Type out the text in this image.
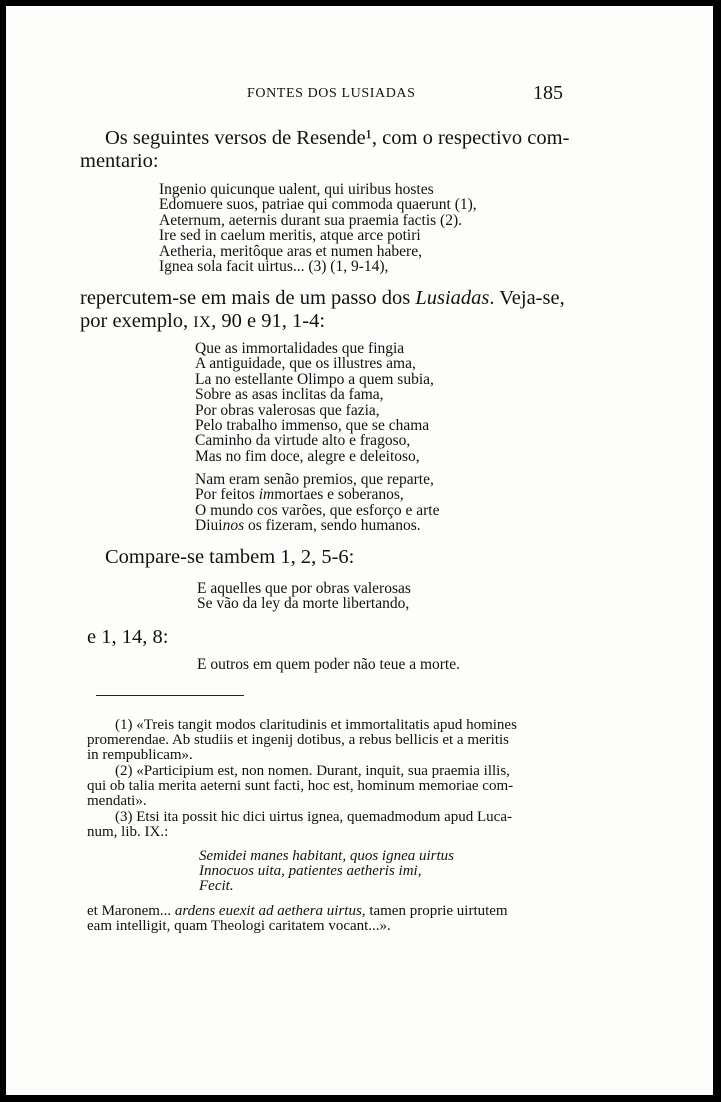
FONTES DOS LUSIADAS	185
Os seguintes versos de Resende¹, com o respectivo com-
mentario:
Ingenio quicunque ualent, qui uiribus hostes
Edomuere suos, patriae qui commoda quaerunt (1),
Aeternum, aeternis durant sua praemia factis (2).
Ire sed in caelum meritis, atque arce potiri
Aetheria, meritôque aras et numen habere,
Ignea sola facit uirtus... (3) (1, 9-14),
repercutem-se em mais de um passo dos Lusiadas. Veja-se,
por exemplo, IX, 90 e 91, 1-4:
Que as immortalidades que fingia
A antiguidade, que os illustres ama,
La no estellante Olimpo a quem subia,
Sobre as asas inclitas da fama,
Por obras valerosas que fazia,
Pelo trabalho immenso, que se chama
Caminho da virtude alto e fragoso,
Mas no fim doce, alegre e deleitoso,
Nam eram senão premios, que reparte,
Por feitos immortaes e soberanos,
O mundo cos varões, que esforço e arte
Diuinos os fizeram, sendo humanos.
Compare-se tambem 1, 2, 5-6:
E aquelles que por obras valerosas
Se vão da ley da morte libertando,
e 1, 14, 8:
E outros em quem poder não teue a morte.
(1) «Treis tangit modos claritudinis et immortalitatis apud homines
promerendae. Ab studiis et ingenij dotibus, a rebus bellicis et a meritis
in rempublicam».
(2) «Participium est, non nomen. Durant, inquit, sua praemia illis,
qui ob talia merita aeterni sunt facti, hoc est, hominum memoriae com-
mendati».
(3) Etsi ita possit hic dici uirtus ignea, quemadmodum apud Luca-
num, lib. IX.:
Semidei manes habitant, quos ignea uirtus
Innocuos uita, patientes aetheris imi,
Fecit.
et Maronem... ardens euexit ad aethera uirtus, tamen proprie uirtutem
eam intelligit, quam Theologi caritatem vocant...».
